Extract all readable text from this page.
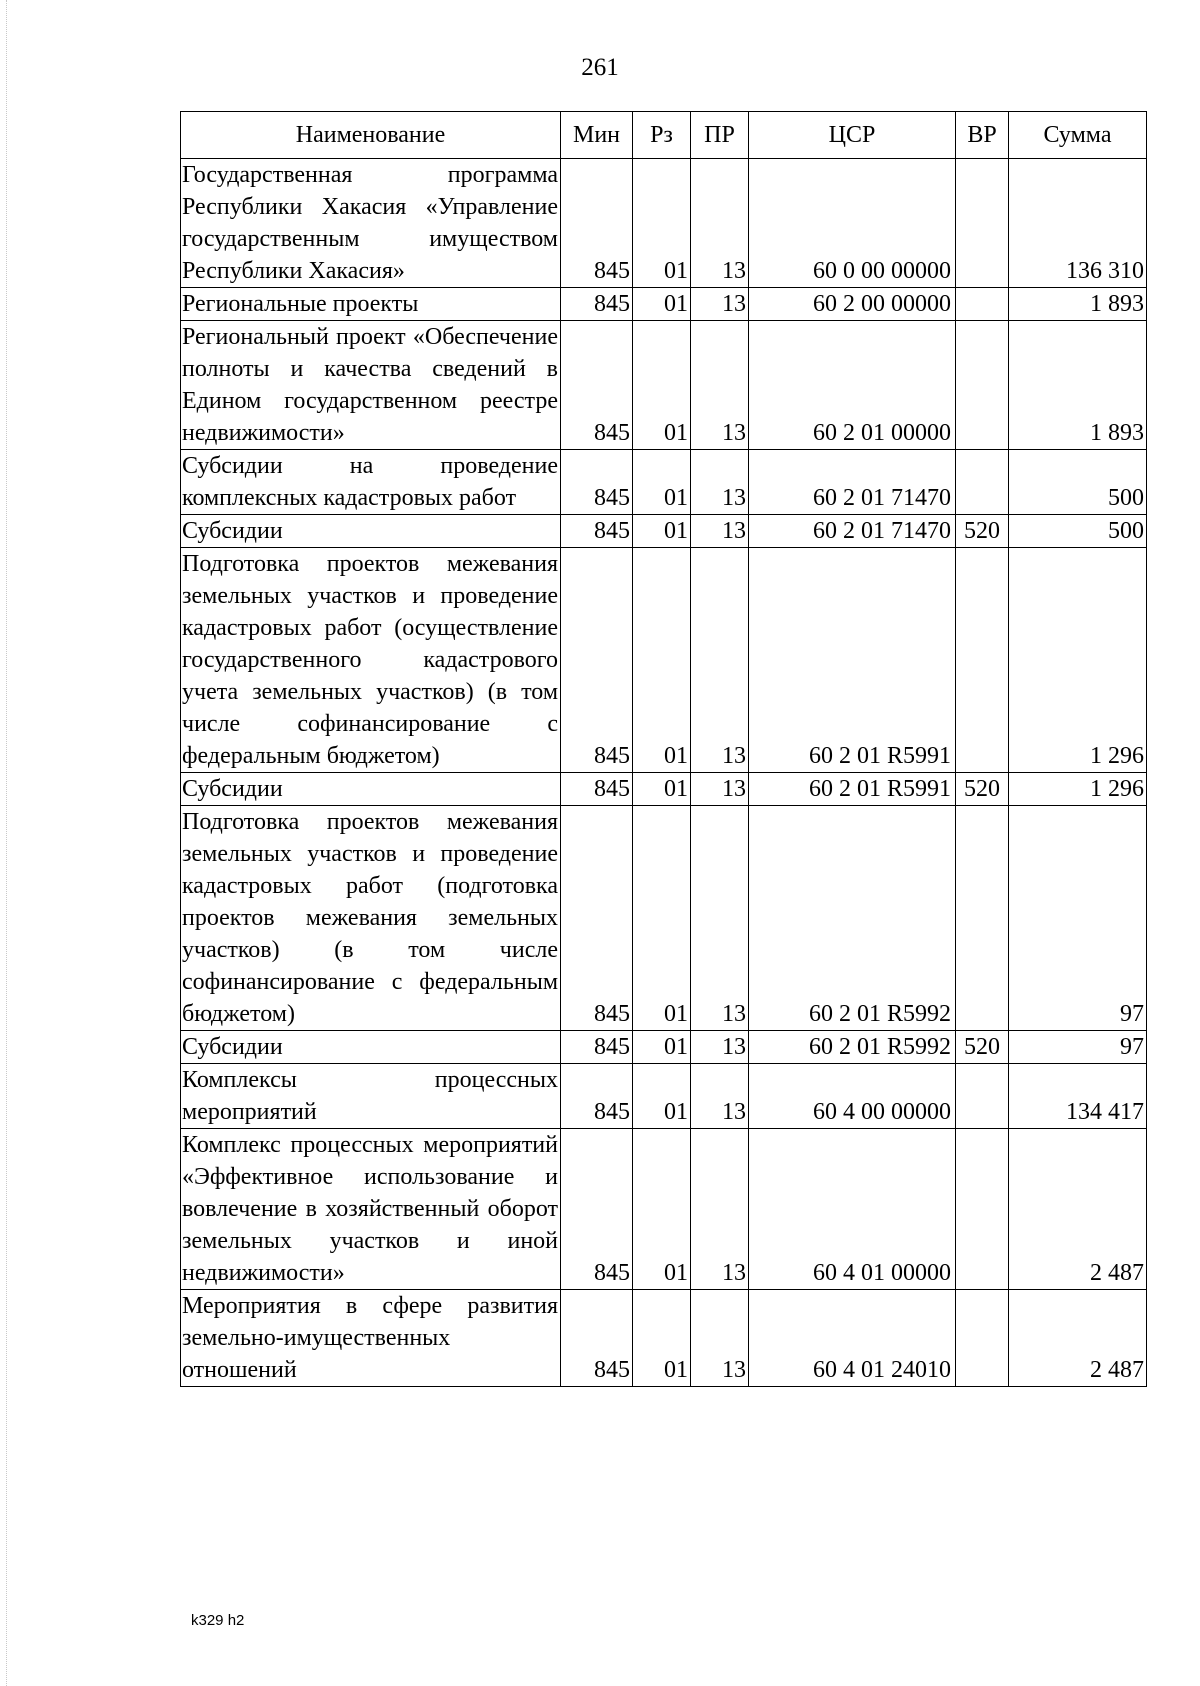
261
Наименование	Мин	Рз	ПР	ЦСР	ВР	Сумма
Государственная программа Республики Хакасия «Управление государственным имуществом Республики Хакасия»	845	01	13	60 0 00 00000		136 310
Региональные проекты	845	01	13	60 2 00 00000		1 893
Региональный проект «Обеспечение полноты и качества сведений в Едином государственном реестре недвижимости»	845	01	13	60 2 01 00000		1 893
Субсидии на проведение комплексных кадастровых работ	845	01	13	60 2 01 71470		500
Субсидии	845	01	13	60 2 01 71470	520	500
Подготовка проектов межевания земельных участков и проведение кадастровых работ (осуществление государственного кадастрового учета земельных участков) (в том числе софинансирование с федеральным бюджетом)	845	01	13	60 2 01 R5991		1 296
Субсидии	845	01	13	60 2 01 R5991	520	1 296
Подготовка проектов межевания земельных участков и проведение кадастровых работ (подготовка проектов межевания земельных участков) (в том числе софинансирование с федеральным бюджетом)	845	01	13	60 2 01 R5992		97
Субсидии	845	01	13	60 2 01 R5992	520	97
Комплексы процессных мероприятий	845	01	13	60 4 00 00000		134 417
Комплекс процессных мероприятий «Эффективное использование и вовлечение в хозяйственный оборот земельных участков и иной недвижимости»	845	01	13	60 4 01 00000		2 487
Мероприятия в сфере развития земельно-имущественных отношений	845	01	13	60 4 01 24010		2 487
k329 h2
